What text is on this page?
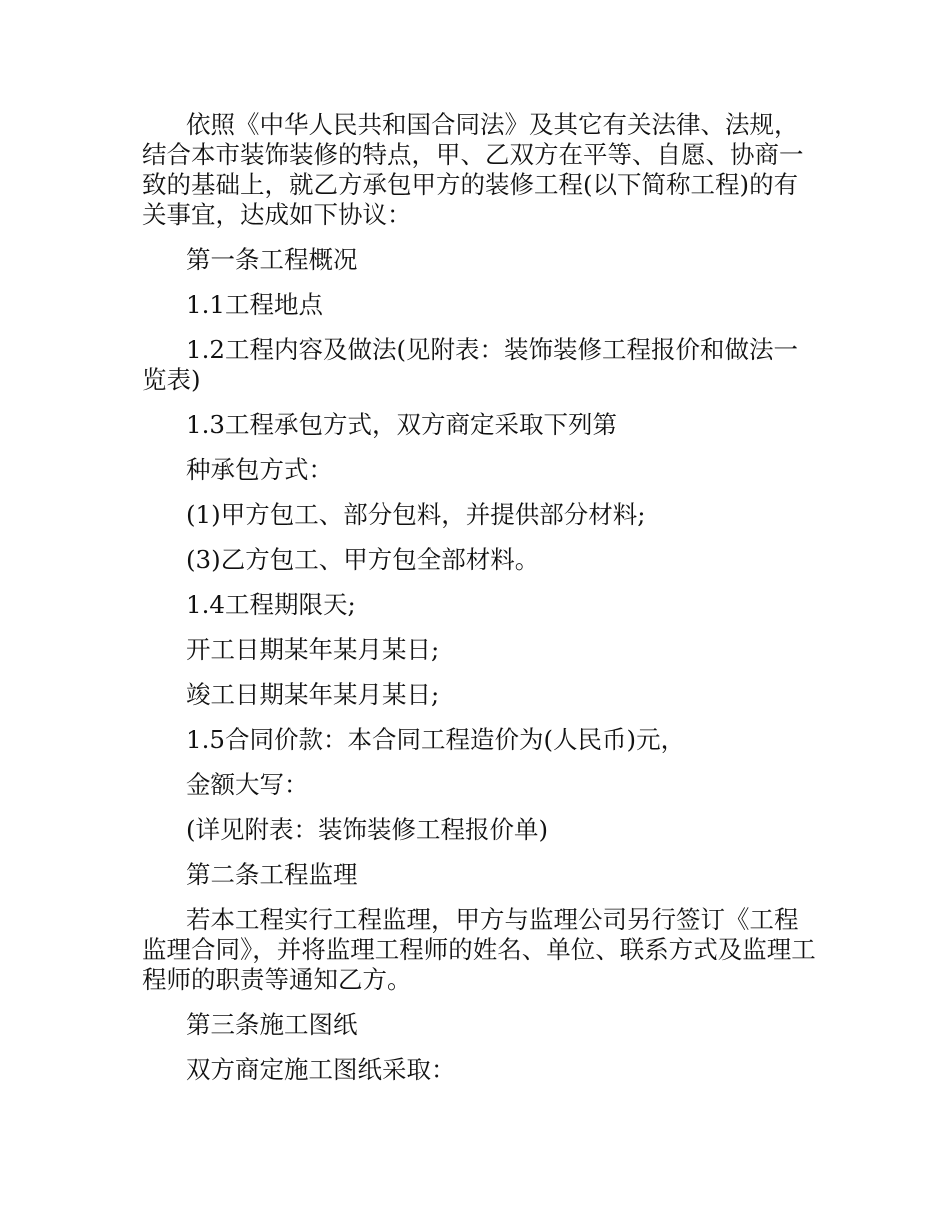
依照《中华人民共和国合同法》及其它有关法律、法规，结合本市装饰装修的特点，甲、乙双方在平等、自愿、协商一致的基础上，就乙方承包甲方的装修工程(以下简称工程)的有关事宜，达成如下协议：

第一条工程概况

1.1工程地点

1.2工程内容及做法(见附表：装饰装修工程报价和做法一览表)

1.3工程承包方式，双方商定采取下列第

种承包方式：

(1)甲方包工、部分包料，并提供部分材料;

(3)乙方包工、甲方包全部材料。

1.4工程期限天;

开工日期某年某月某日;

竣工日期某年某月某日;

1.5合同价款：本合同工程造价为(人民币)元，

金额大写：

(详见附表：装饰装修工程报价单)

第二条工程监理

若本工程实行工程监理，甲方与监理公司另行签订《工程监理合同》，并将监理工程师的姓名、单位、联系方式及监理工程师的职责等通知乙方。

第三条施工图纸

双方商定施工图纸采取：
